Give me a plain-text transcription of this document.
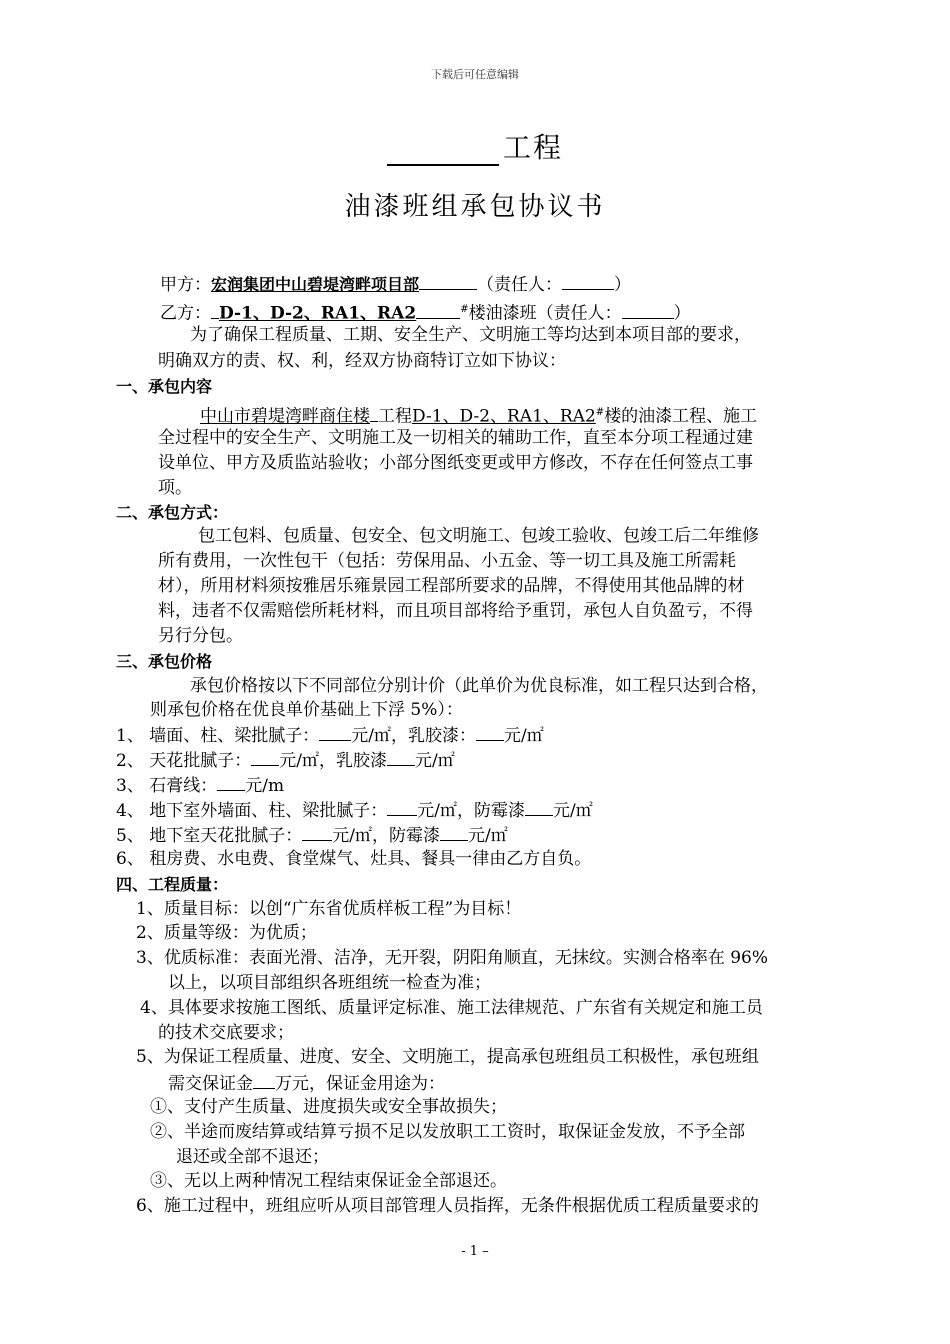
下载后可任意编辑
工程
油漆班组承包协议书
甲方：宏润集团中山碧堤湾畔项目部	（责任人：	）
乙方： D-1、D-2、RA1、RA2	#楼油漆班（责任人：	）
为了确保工程质量、工期、安全生产、文明施工等均达到本项目部的要求，
明确双方的责、权、利，经双方协商特订立如下协议：
一、承包内容
中山市碧堤湾畔商住楼 工程D-1、D-2、RA1、RA2#楼的油漆工程、施工
全过程中的安全生产、文明施工及一切相关的辅助工作，直至本分项工程通过建
设单位、甲方及质监站验收；小部分图纸变更或甲方修改，不存在任何签点工事
项。
二、承包方式：
包工包料、包质量、包安全、包文明施工、包竣工验收、包竣工后二年维修
所有费用，一次性包干（包括：劳保用品、小五金、等一切工具及施工所需耗
材），所用材料须按雅居乐雍景园工程部所要求的品牌，不得使用其他品牌的材
料，违者不仅需赔偿所耗材料，而且项目部将给予重罚，承包人自负盈亏，不得
另行分包。
三、承包价格
承包价格按以下不同部位分别计价（此单价为优良标准，如工程只达到合格，
则承包价格在优良单价基础上下浮 5%）：
1、 墙面、柱、梁批腻子： 元/㎡，乳胶漆： 元/㎡
2、 天花批腻子： 元/㎡，乳胶漆 元/㎡
3、 石膏线： 元/m
4、 地下室外墙面、柱、梁批腻子： 元/㎡，防霉漆 元/㎡
5、 地下室天花批腻子： 元/㎡，防霉漆 元/㎡
6、 租房费、水电费、食堂煤气、灶具、餐具一律由乙方自负。
四、工程质量：
1、质量目标：以创“广东省优质样板工程”为目标！
2、质量等级：为优质；
3、优质标准：表面光滑、洁净，无开裂，阴阳角顺直，无抹纹。实测合格率在 96%
以上，以项目部组织各班组统一检查为准；
4、具体要求按施工图纸、质量评定标准、施工法律规范、广东省有关规定和施工员
的技术交底要求；
5、为保证工程质量、进度、安全、文明施工，提高承包班组员工积极性，承包班组
需交保证金 万元，保证金用途为：
①、支付产生质量、进度损失或安全事故损失；
②、半途而废结算或结算亏损不足以发放职工工资时，取保证金发放，不予全部
退还或全部不退还；
③、无以上两种情况工程结束保证金全部退还。
6、施工过程中，班组应听从项目部管理人员指挥，无条件根据优质工程质量要求的
- 1 –
